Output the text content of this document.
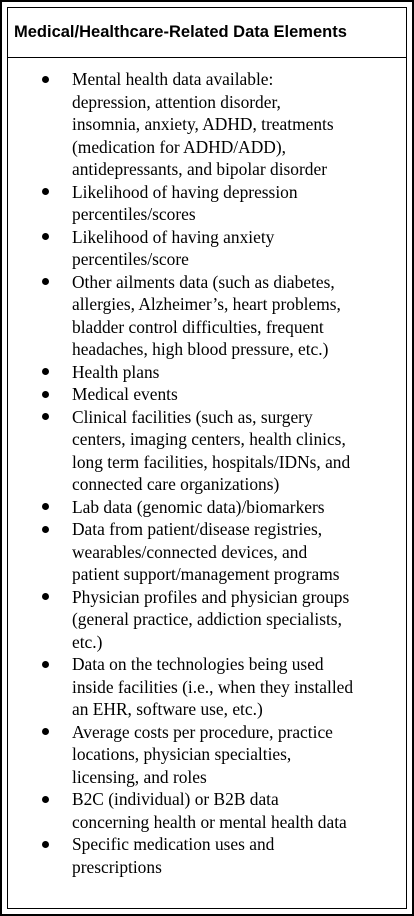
Medical/Healthcare-Related Data Elements
Mental health data available:
depression, attention disorder,
insomnia, anxiety, ADHD, treatments
(medication for ADHD/ADD),
antidepressants, and bipolar disorder
Likelihood of having depression
percentiles/scores
Likelihood of having anxiety
percentiles/score
Other ailments data (such as diabetes,
allergies, Alzheimer’s, heart problems,
bladder control difficulties, frequent
headaches, high blood pressure, etc.)
Health plans
Medical events
Clinical facilities (such as, surgery
centers, imaging centers, health clinics,
long term facilities, hospitals/IDNs, and
connected care organizations)
Lab data (genomic data)/biomarkers
Data from patient/disease registries,
wearables/connected devices, and
patient support/management programs
Physician profiles and physician groups
(general practice, addiction specialists,
etc.)
Data on the technologies being used
inside facilities (i.e., when they installed
an EHR, software use, etc.)
Average costs per procedure, practice
locations, physician specialties,
licensing, and roles
B2C (individual) or B2B data
concerning health or mental health data
Specific medication uses and
prescriptions
